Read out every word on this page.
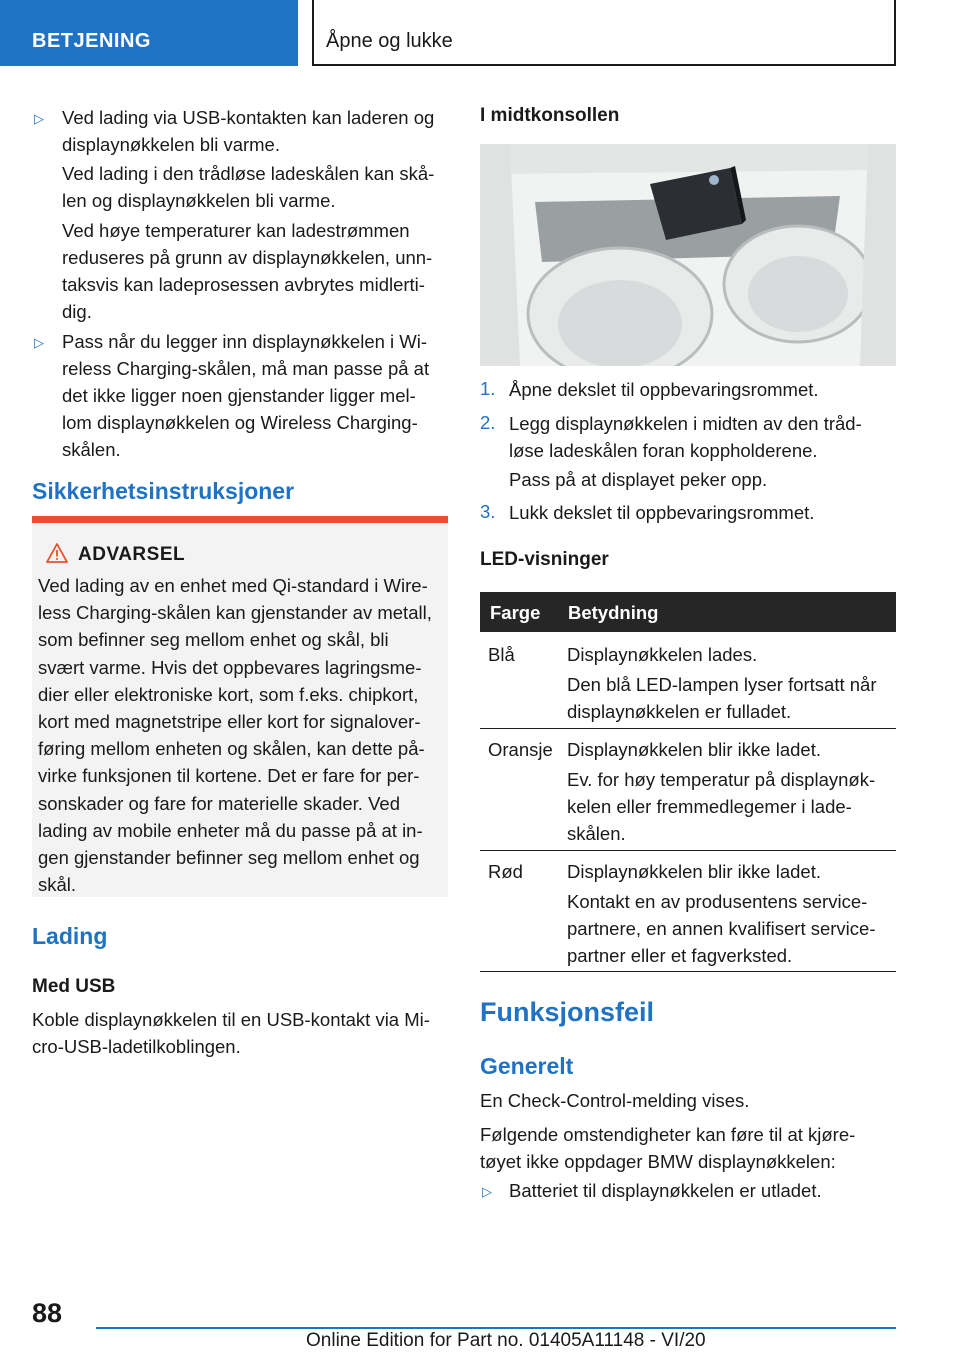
BETJENING	Åpne og lukke
▷ Ved lading via USB-kontakten kan laderen og
displaynøkkelen bli varme.
Ved lading i den trådløse ladeskålen kan skå-
len og displaynøkkelen bli varme.
Ved høye temperaturer kan ladestrømmen
reduseres på grunn av displaynøkkelen, unn-
taksvis kan ladeprosessen avbrytes midlerti-
dig.
▷ Pass når du legger inn displaynøkkelen i Wi-
reless Charging-skålen, må man passe på at
det ikke ligger noen gjenstander ligger mel-
lom displaynøkkelen og Wireless Charging-
skålen.
Sikkerhetsinstruksjoner
ADVARSEL
Ved lading av en enhet med Qi-standard i Wire-
less Charging-skålen kan gjenstander av metall,
som befinner seg mellom enhet og skål, bli
svært varme. Hvis det oppbevares lagringsme-
dier eller elektroniske kort, som f.eks. chipkort,
kort med magnetstripe eller kort for signalover-
føring mellom enheten og skålen, kan dette på-
virke funksjonen til kortene. Det er fare for per-
sonskader og fare for materielle skader. Ved
lading av mobile enheter må du passe på at in-
gen gjenstander befinner seg mellom enhet og
skål.
Lading
Med USB
Koble displaynøkkelen til en USB-kontakt via Mi-
cro-USB-ladetilkoblingen.
I midtkonsollen
1. Åpne dekslet til oppbevaringsrommet.
2. Legg displaynøkkelen i midten av den tråd-
løse ladeskålen foran koppholderene.
Pass på at displayet peker opp.
3. Lukk dekslet til oppbevaringsrommet.
LED-visninger
Farge Betydning
Blå	Displaynøkkelen lades.
Den blå LED-lampen lyser fortsatt når
displaynøkkelen er fulladet.
Oransje Displaynøkkelen blir ikke ladet.
Ev. for høy temperatur på displaynøk-
kelen eller fremmedlegemer i lade-
skålen.
Rød Displaynøkkelen blir ikke ladet.
Kontakt en av produsentens service-
partnere, en annen kvalifisert service-
partner eller et fagverksted.
Funksjonsfeil
Generelt
En Check-Control-melding vises.
Følgende omstendigheter kan føre til at kjøre-
tøyet ikke oppdager BMW displaynøkkelen:
▷ Batteriet til displaynøkkelen er utladet.
88
Online Edition for Part no. 01405A11148 - VI/20
